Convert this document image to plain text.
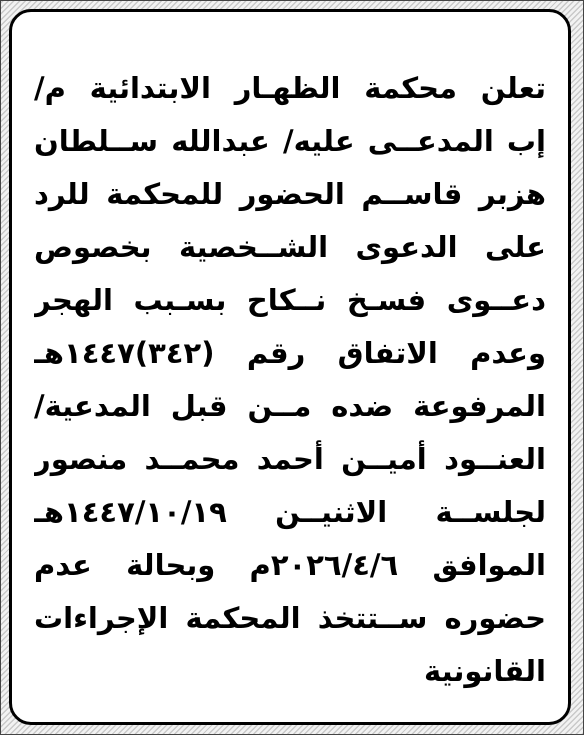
تعلن محكمة الظهـار الابتدائية م/
إب المدعــى عليه/ عبدالله ســلطان
هزبر قاســم الحضور للمحكمة للرد
على الدعوى الشــخصية بخصوص
دعــوى فسـخ نــكاح بسـبب الهجر
وعدم الاتفاق رقم (٣٤٢)١٤٤٧هـ
المرفوعة ضده مــن قبل المدعية/
العنــود أميــن أحمد محمــد منصور
لجلســة الاثنيــن ١٤٤٧/١٠/١٩هـ
الموافق ٢٠٢٦/٤/٦م وبحالة عدم
حضوره ســتتخذ المحكمة الإجراءات
القانونية
